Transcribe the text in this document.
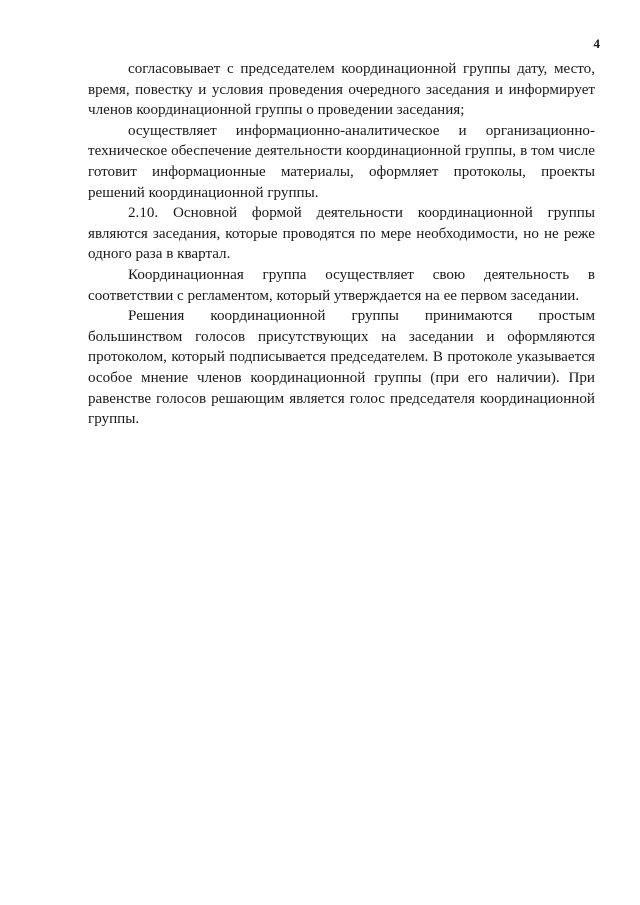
4

согласовывает с председателем координационной группы дату, место, время, повестку и условия проведения очередного заседания и информирует членов координационной группы о проведении заседания;

осуществляет информационно-аналитическое и организационно-техническое обеспечение деятельности координационной группы, в том числе готовит информационные материалы, оформляет протоколы, проекты решений координационной группы.

2.10. Основной формой деятельности координационной группы являются заседания, которые проводятся по мере необходимости, но не реже одного раза в квартал.

Координационная группа осуществляет свою деятельность в соответствии с регламентом, который утверждается на ее первом заседании.

Решения координационной группы принимаются простым большинством голосов присутствующих на заседании и оформляются протоколом, который подписывается председателем. В протоколе указывается особое мнение членов координационной группы (при его наличии). При равенстве голосов решающим является голос председателя координационной группы.
